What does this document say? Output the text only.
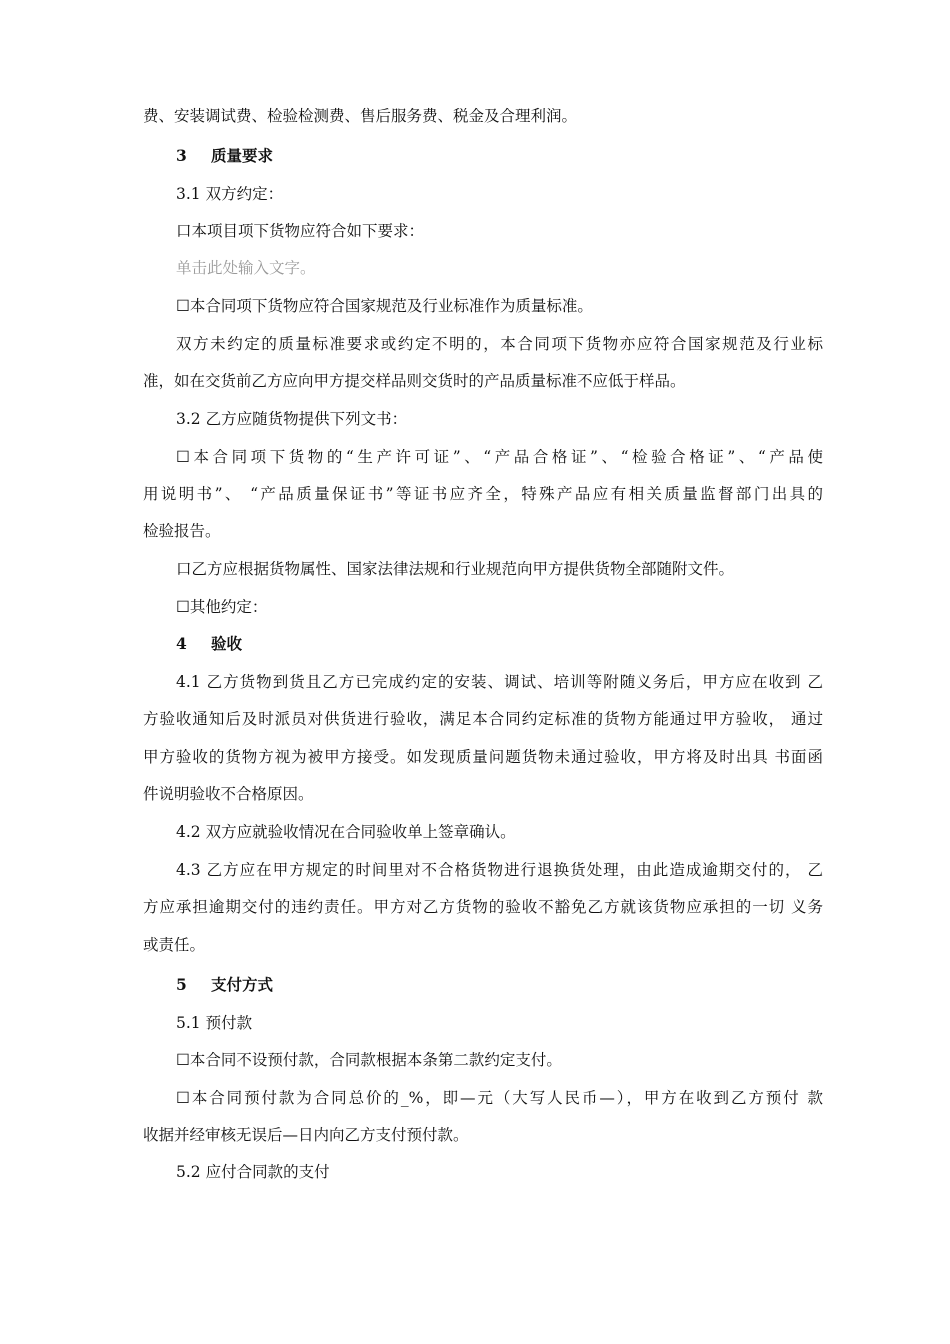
费、安装调试费、检验检测费、售后服务费、税金及合理利润。
3 质量要求
3.1 双方约定：
口本项目项下货物应符合如下要求：
单击此处输入文字。
☐本合同项下货物应符合国家规范及行业标准作为质量标准。
双方未约定的质量标准要求或约定不明的，本合同项下货物亦应符合国家规范及行业标
准，如在交货前乙方应向甲方提交样品则交货时的产品质量标准不应低于样品。
3.2 乙方应随货物提供下列文书：
☐本合同项下货物的“生产许可证”、“产品合格证”、“检验合格证”、“产品使
用说明书”、 “产品质量保证书”等证书应齐全，特殊产品应有相关质量监督部门出具的
检验报告。
口乙方应根据货物属性、国家法律法规和行业规范向甲方提供货物全部随附文件。
☐其他约定：
4 验收
4.1 乙方货物到货且乙方已完成约定的安装、调试、培训等附随义务后，甲方应在收到 乙
方验收通知后及时派员对供货进行验收，满足本合同约定标准的货物方能通过甲方验收， 通过
甲方验收的货物方视为被甲方接受。如发现质量问题货物未通过验收，甲方将及时出具 书面函
件说明验收不合格原因。
4.2 双方应就验收情况在合同验收单上签章确认。
4.3 乙方应在甲方规定的时间里对不合格货物进行退换货处理，由此造成逾期交付的， 乙
方应承担逾期交付的违约责任。甲方对乙方货物的验收不豁免乙方就该货物应承担的一切 义务
或责任。
5 支付方式
5.1 预付款
☐本合同不设预付款，合同款根据本条第二款约定支付。
☐本合同预付款为合同总价的_%，即—元（大写人民币—），甲方在收到乙方预付 款
收据并经审核无误后—日内向乙方支付预付款。
5.2 应付合同款的支付
